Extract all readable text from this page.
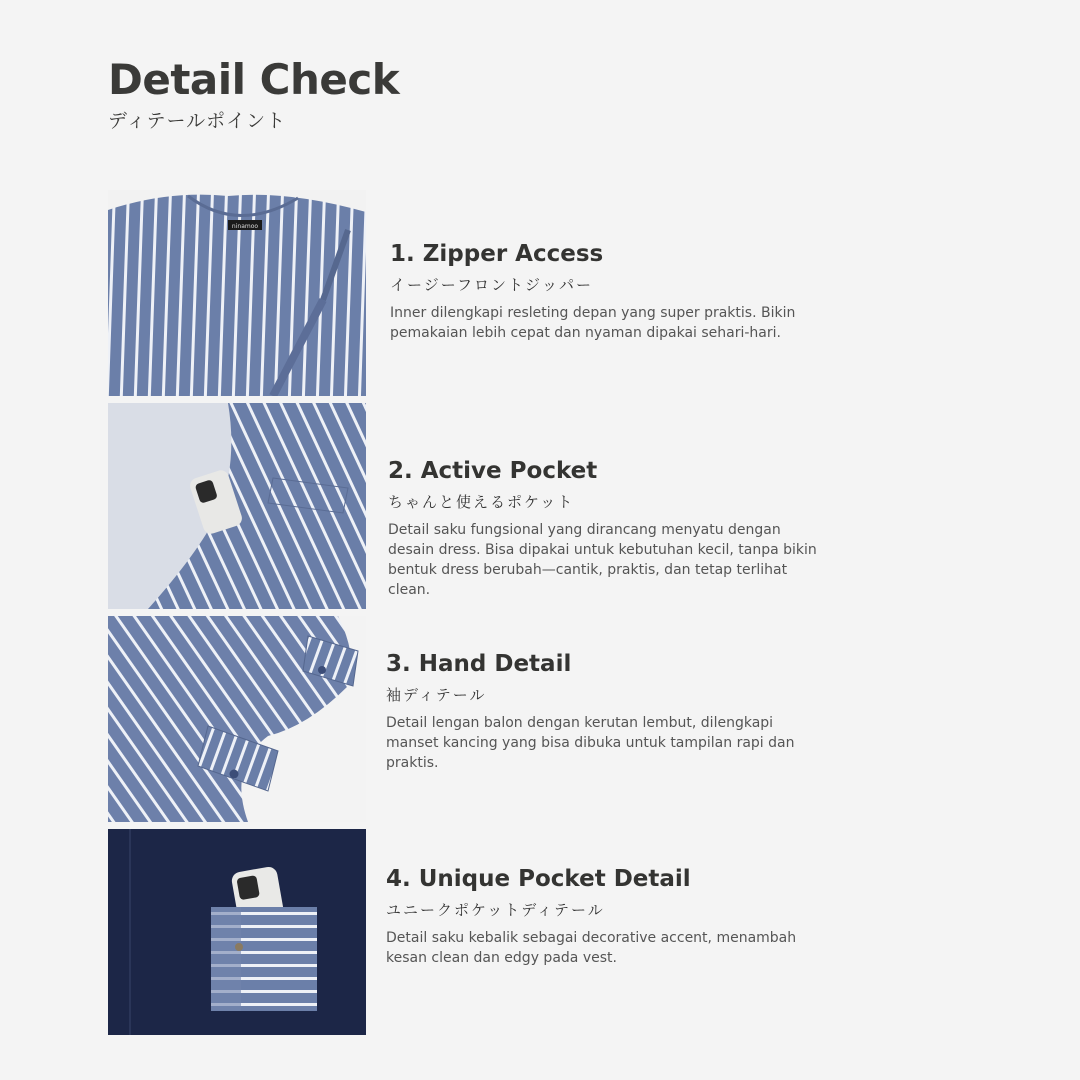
Detail Check
ディテールポイント
ninamoo
1. Zipper Access
イージーフロントジッパー
Inner dilengkapi resleting depan yang super praktis. Bikin pemakaian lebih cepat dan nyaman dipakai sehari-hari.
2. Active Pocket
ちゃんと使えるポケット
Detail saku fungsional yang dirancang menyatu dengan desain dress. Bisa dipakai untuk kebutuhan kecil, tanpa bikin bentuk dress berubah—cantik, praktis, dan tetap terlihat clean.
3. Hand Detail
袖ディテール
Detail lengan balon dengan kerutan lembut, dilengkapi manset kancing yang bisa dibuka untuk tampilan rapi dan praktis.
4. Unique Pocket Detail
ユニークポケットディテール
Detail saku kebalik sebagai decorative accent, menambah kesan clean dan edgy pada vest.
